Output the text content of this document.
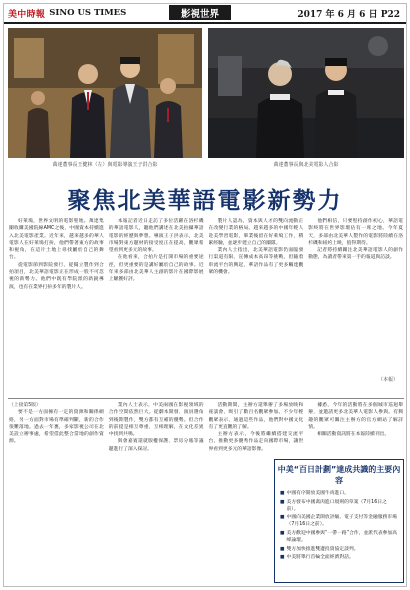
美中時報 SINO US TIMES	影視世界	2017 年 6 月 6 日 P22
萬達董事長王健林（左）與電影導演王子洪合影	萬達董事長與北美電影人合影
聚焦北美華語電影新勢力

好萊塢，世界文明的電影聖地。萬達集團收購美國院線AMC之後，中國資本持續進入北美電影產業。近年來，越來越多的華人電影人在好萊塢打拚，他們帶著東方的故事和視角，在這片土地上尋找屬於自己的舞台。

從電影節到影院發行，從獨立製作到合拍項目，北美華語電影正在形成一股不可忽視的新勢力。他們中既有學院派的新銳導演，也有在業界打拚多年的製片人。

本報記者近日走訪了多位活躍在洛杉磯的華語電影人，聽他們講述在北美拍攝華語電影的經歷與夢想。導演王子洪表示，北美市場對東方題材的接受度正在提高，觀眾希望看到更多元的故事。

在他看來，合拍片是打開市場的重要途徑，但更重要的是講好屬於自己的故事。近年來多部由北美華人主創的影片在國際影展上屢獲好評。

製片人認為，資本與人才的雙向流動正在改變行業的格局。越來越多的中國年輕人赴美學習電影，畢業後留在好萊塢工作，積累經驗，並逐步建立自己的團隊。

業內人士指出，北美華語電影仍面臨發行渠道有限、宣傳成本高昂等挑戰，但隨着串流平台的興起，華語作品有了更多觸達觀眾的機會。

他們相信，只要堅持創作初心，華語電影終將在世界影壇佔有一席之地。今年夏天，多部由北美華人製作的電影將陸續在洛杉磯和紐約上映，值得期待。

記者將持續關注北美華語電影人的創作動態，為讀者帶來第一手的報道與訪談。

（本報）
（上接第5版）

要不是一方面擁有一定的資源和關係網絡，另一方面對市場有準確判斷，新的合作很難落地。過去一年裏，多家影視公司在北美設立辦事處，希望借此整合當地的創作資源。

業內人士表示，中美兩國在影視領域的合作空間依然巨大。從劇本開發、演員選角到後期製作，雙方都有互補的優勢。但合作的前提是相互尊重、互相理解，在文化差異中找到共鳴。

與會嘉賓還就版權保護、票房分賬等議題進行了深入探討。

活動期間，主辦方還舉辦了多場放映和座談會，吸引了數百名觀眾參加。不少年輕觀眾表示，通過這些作品，他們對中國文化有了更直觀的了解。

主辦方表示，今後將繼續搭建交流平台，推動更多優秀作品走向國際市場，讓世界看到更多元的華語影像。

據悉，今年的活動將在多個城市巡迴舉辦，並邀請更多北美華人電影人參與。有興趣的觀眾可關注主辦方的官方網站了解詳情。

相關活動資訊將在本報陸續刊出。

中美“百日計劃”達成共識的主要內容
■ 中國有序開放美國牛肉進口。
■ 美方發布中國禽肉進口規則的草案（7月16日之前）。
■ 中國向美國企業開放評級、電子支付等金融服務市場（7月16日之前）。
■ 美方歡迎中國參與“一帶一路”合作，並派代表參加高峰論壇。
■ 雙方加快推進雙邊投資協定談判。
■ 中美將舉行首輪全面經濟對話。
